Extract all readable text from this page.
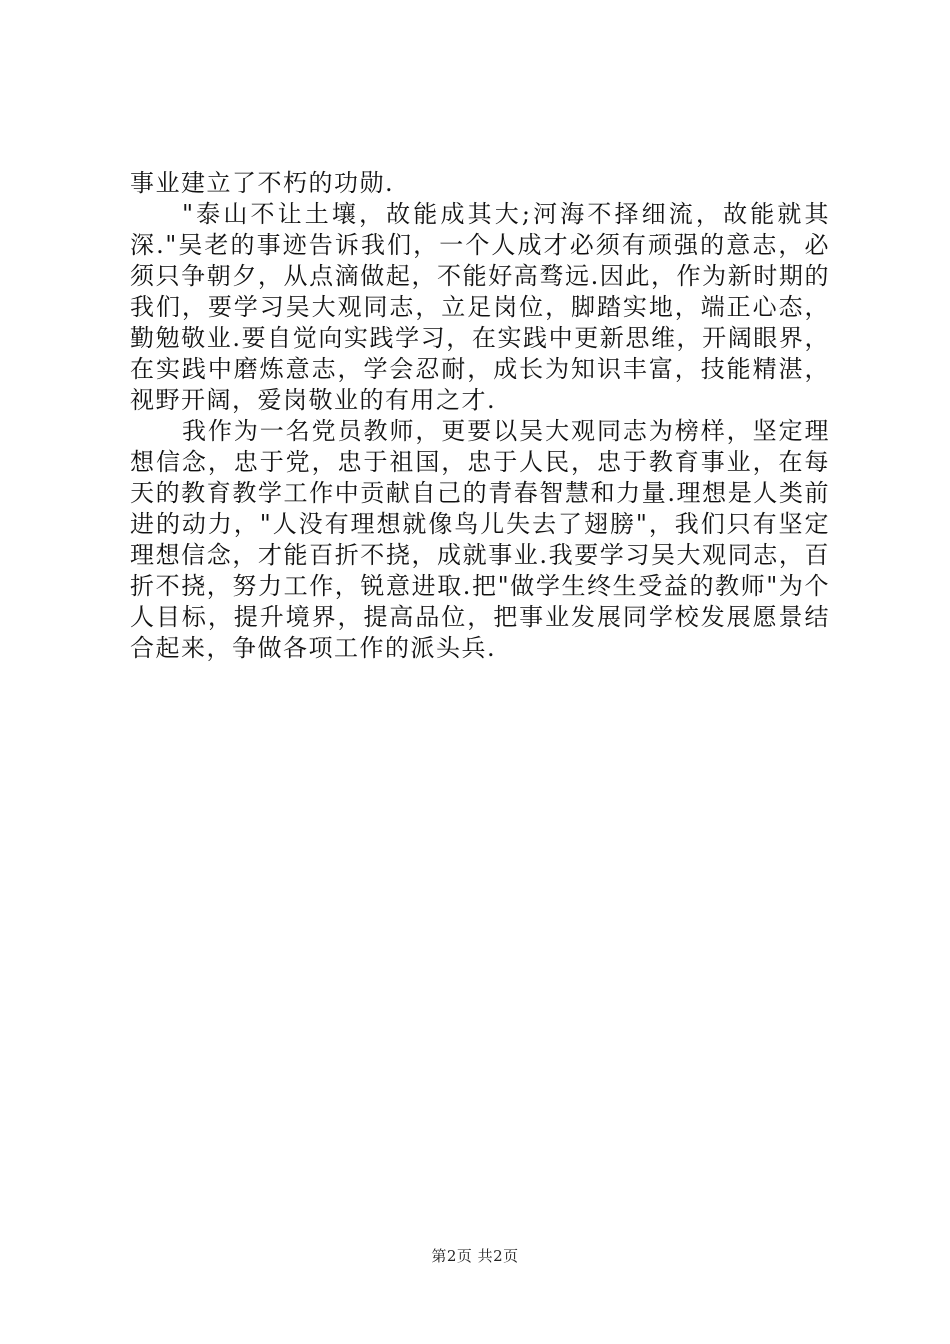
事业建立了不朽的功勋.

"泰山不让土壤，故能成其大;河海不择细流，故能就其深."吴老的事迹告诉我们，一个人成才必须有顽强的意志，必须只争朝夕，从点滴做起，不能好高骛远.因此，作为新时期的我们，要学习吴大观同志，立足岗位，脚踏实地，端正心态，勤勉敬业.要自觉向实践学习，在实践中更新思维，开阔眼界，在实践中磨炼意志，学会忍耐，成长为知识丰富，技能精湛，视野开阔，爱岗敬业的有用之才.

我作为一名党员教师，更要以吴大观同志为榜样，坚定理想信念，忠于党，忠于祖国，忠于人民，忠于教育事业，在每天的教育教学工作中贡献自己的青春智慧和力量.理想是人类前进的动力，"人没有理想就像鸟儿失去了翅膀"，我们只有坚定理想信念，才能百折不挠，成就事业.我要学习吴大观同志，百折不挠，努力工作，锐意进取.把"做学生终生受益的教师"为个人目标，提升境界，提高品位，把事业发展同学校发展愿景结合起来，争做各项工作的派头兵.

第2页 共2页
